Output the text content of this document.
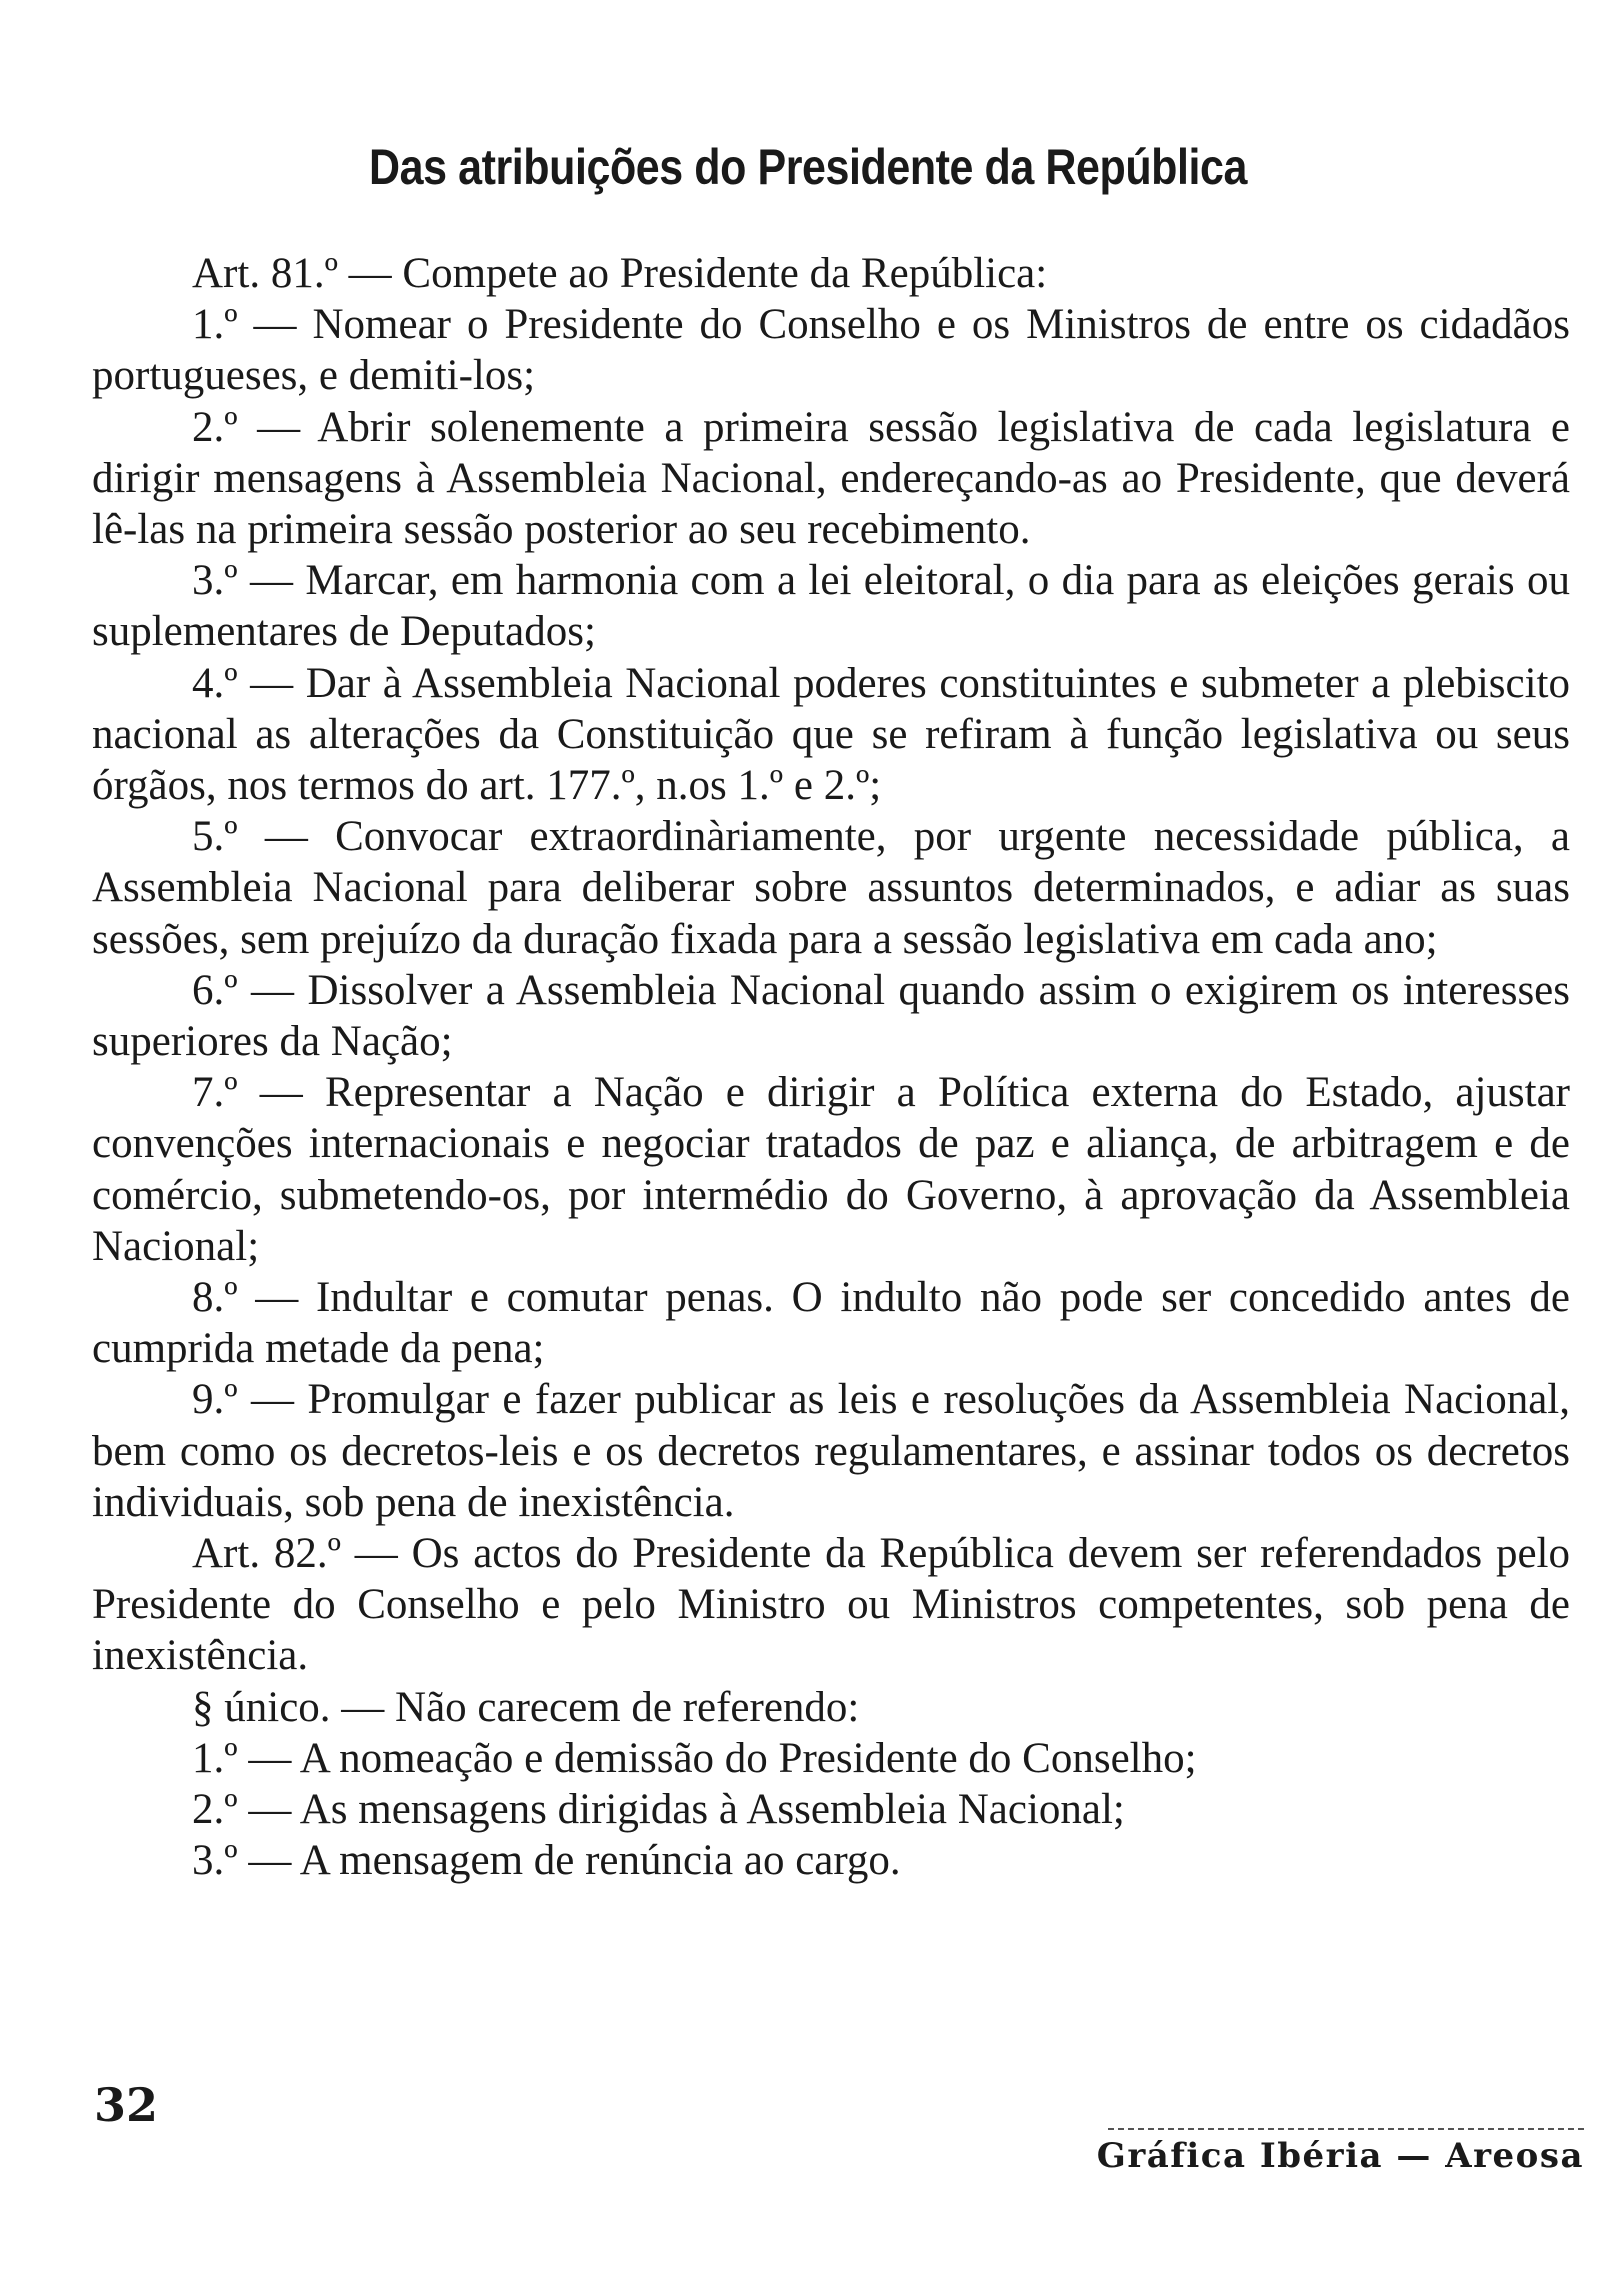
Das atribuições do Presidente da República

Art. 81.º — Compete ao Presidente da República:

1.º — Nomear o Presidente do Conselho e os Ministros de entre os cidadãos portugueses, e demiti-los;

2.º — Abrir solenemente a primeira sessão legislativa de cada legislatura e dirigir mensagens à Assembleia Nacional, endereçando-as ao Presidente, que deverá lê-las na primeira sessão posterior ao seu recebimento.

3.º — Marcar, em harmonia com a lei eleitoral, o dia para as eleições gerais ou suplementares de Deputados;

4.º — Dar à Assembleia Nacional poderes constituintes e submeter a plebiscito nacional as alterações da Constituição que se refiram à função legislativa ou seus órgãos, nos termos do art. 177.º, n.os 1.º e 2.º;

5.º — Convocar extraordinàriamente, por urgente necessidade pública, a Assembleia Nacional para deliberar sobre assuntos determinados, e adiar as suas sessões, sem prejuízo da duração fixada para a sessão legislativa em cada ano;

6.º — Dissolver a Assembleia Nacional quando assim o exigirem os interesses superiores da Nação;

7.º — Representar a Nação e dirigir a Política externa do Estado, ajustar convenções internacionais e negociar tratados de paz e aliança, de arbitragem e de comércio, submetendo-os, por intermédio do Governo, à aprovação da Assembleia Nacional;

8.º — Indultar e comutar penas. O indulto não pode ser concedido antes de cumprida metade da pena;

9.º — Promulgar e fazer publicar as leis e resoluções da Assembleia Nacional, bem como os decretos-leis e os decretos regulamentares, e assinar todos os decretos individuais, sob pena de inexistência.

Art. 82.º — Os actos do Presidente da República devem ser referendados pelo Presidente do Conselho e pelo Ministro ou Ministros competentes, sob pena de inexistência.

§ único. — Não carecem de referendo:

1.º — A nomeação e demissão do Presidente do Conselho;

2.º — As mensagens dirigidas à Assembleia Nacional;

3.º — A mensagem de renúncia ao cargo.

32

Gráfica Ibéria — Areosa
